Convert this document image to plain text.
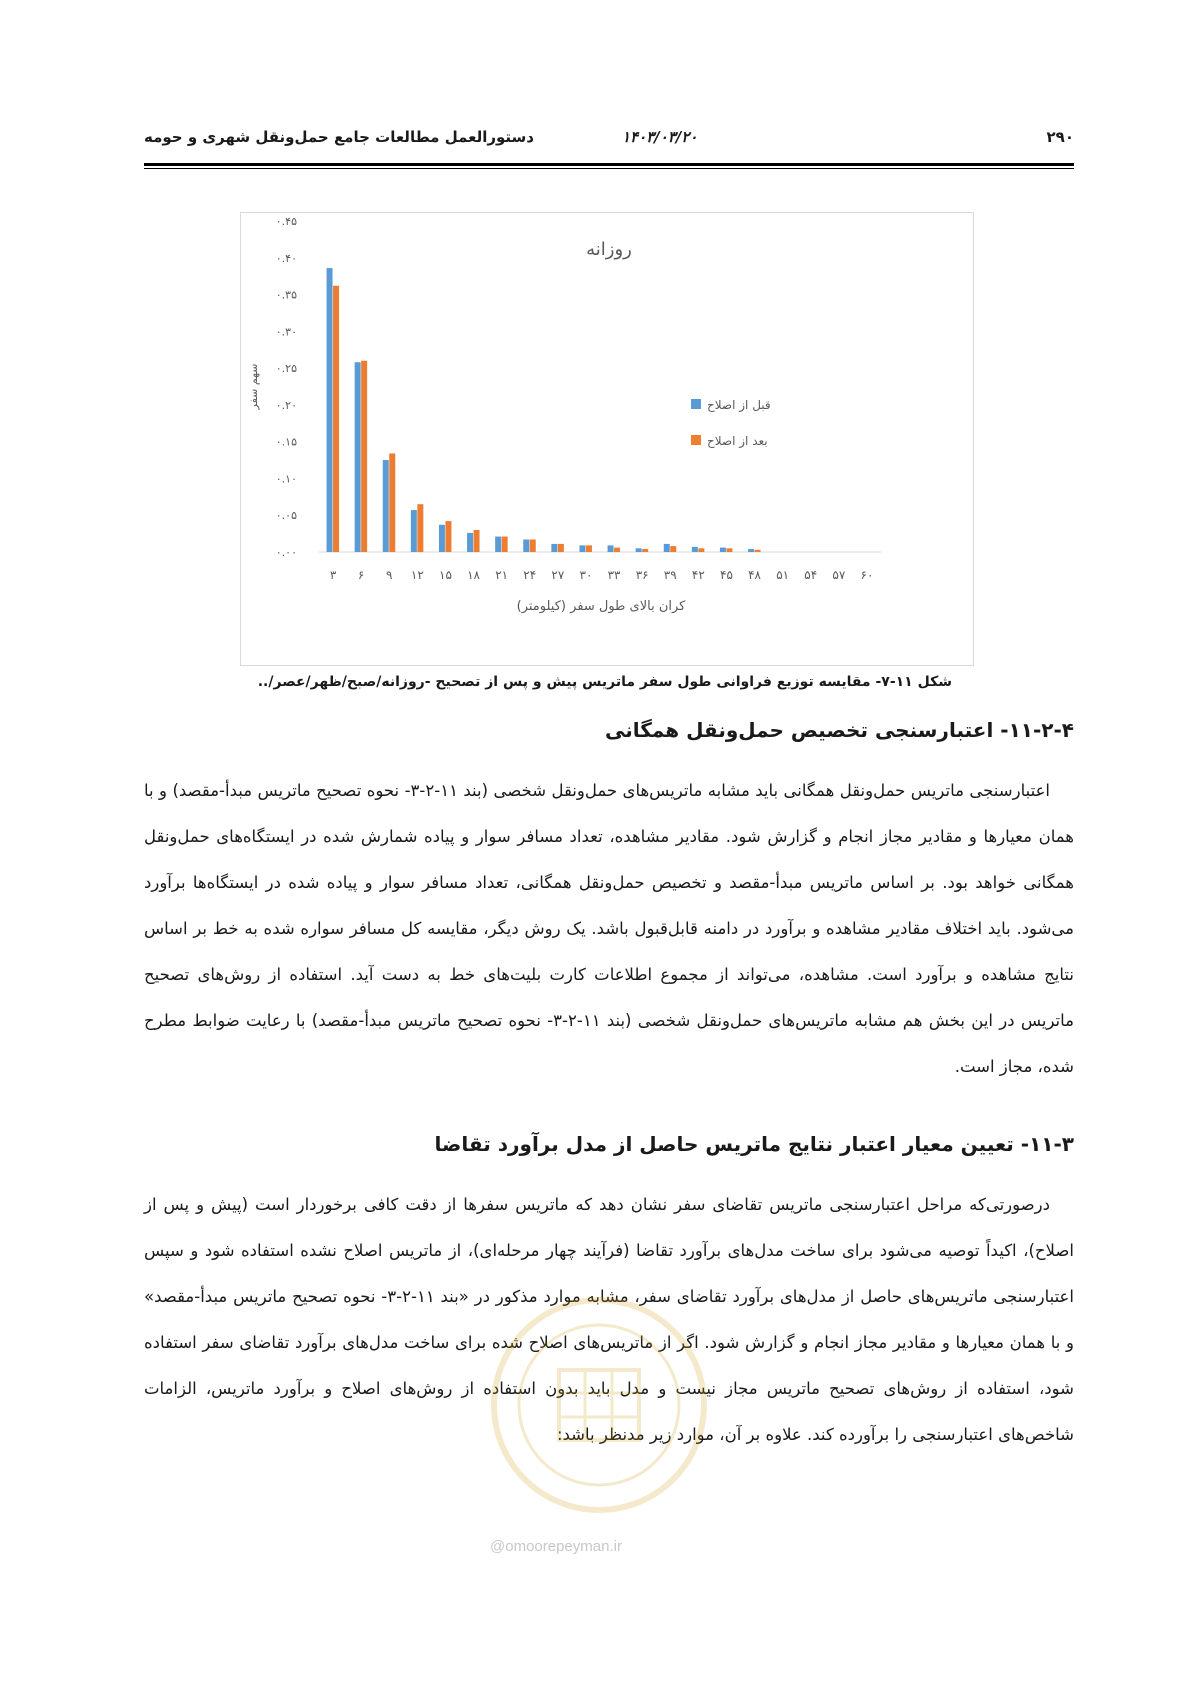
۲۹۰
۱۴۰۳/۰۳/۲۰
دستورالعمل مطالعات جامع حمل‌ونقل شهری و حومه
۰.۰۰
۰.۰۵
۰.۱۰
۰.۱۵
۰.۲۰
۰.۲۵
۰.۳۰
۰.۳۵
۰.۴۰
۰.۴۵
سهم سفر
۳ ۶ ۹ ۱۲ ۱۵ ۱۸ ۲۱ ۲۴ ۲۷ ۳۰ ۳۳ ۳۶ ۳۹ ۴۲ ۴۵ ۴۸ ۵۱ ۵۴ ۵۷ ۶۰
روزانه
کران بالای طول سفر (کیلومتر)
قبل از اصلاح
بعد از اصلاح
شکل ۱۱-۷- مقایسه توزیع فراوانی طول سفر ماتریس پیش و پس از تصحیح -روزانه/صبح/ظهر/عصر/..
۱۱-۲-۴- اعتبارسنجی تخصیص حمل‌ونقل همگانی

اعتبارسنجی ماتریس حمل‌ونقل همگانی باید مشابه ماتریس‌های حمل‌ونقل شخصی (بند ۱۱-۲-۳- نحوه تصحیح ماتریس مبدأ-مقصد) و با همان معیارها و مقادیر مجاز انجام و گزارش شود. مقادیر مشاهده، تعداد مسافر سوار و پیاده شمارش شده در ایستگاه‌های حمل‌ونقل همگانی خواهد بود. بر اساس ماتریس مبدأ-مقصد و تخصیص حمل‌ونقل همگانی، تعداد مسافر سوار و پیاده شده در ایستگاه‌ها برآورد می‌شود. باید اختلاف مقادیر مشاهده و برآورد در دامنه قابل‌قبول باشد. یک روش دیگر، مقایسه کل مسافر سواره شده به خط بر اساس نتایج مشاهده و برآورد است. مشاهده، می‌تواند از مجموع اطلاعات کارت بلیت‌های خط به دست آید. استفاده از روش‌های تصحیح ماتریس در این بخش هم مشابه ماتریس‌های حمل‌ونقل شخصی (بند ۱۱-۲-۳- نحوه تصحیح ماتریس مبدأ-مقصد) با رعایت ضوابط مطرح شده، مجاز است.

۱۱-۳- تعیین معیار اعتبار نتایج ماتریس حاصل از مدل برآورد تقاضا

درصورتی‌که مراحل اعتبارسنجی ماتریس تقاضای سفر نشان دهد که ماتریس سفرها از دقت کافی برخوردار است (پیش و پس از اصلاح)، اکیداً توصیه می‌شود برای ساخت مدل‌های برآورد تقاضا (فرآیند چهار مرحله‌ای)، از ماتریس اصلاح نشده استفاده شود و سپس اعتبارسنجی ماتریس‌های حاصل از مدل‌های برآورد تقاضای سفر، مشابه موارد مذکور در «بند ۱۱-۲-۳- نحوه تصحیح ماتریس مبدأ-مقصد» و با همان معیارها و مقادیر مجاز انجام و گزارش شود. اگر از ماتریس‌های اصلاح شده برای ساخت مدل‌های برآورد تقاضای سفر استفاده شود، استفاده از روش‌های تصحیح ماتریس مجاز نیست و مدل باید بدون استفاده از روش‌های اصلاح و برآورد ماتریس، الزامات شاخص‌های اعتبارسنجی را برآورده کند. علاوه بر آن، موارد زیر مدنظر باشد:

@omoorepeyman.ir
